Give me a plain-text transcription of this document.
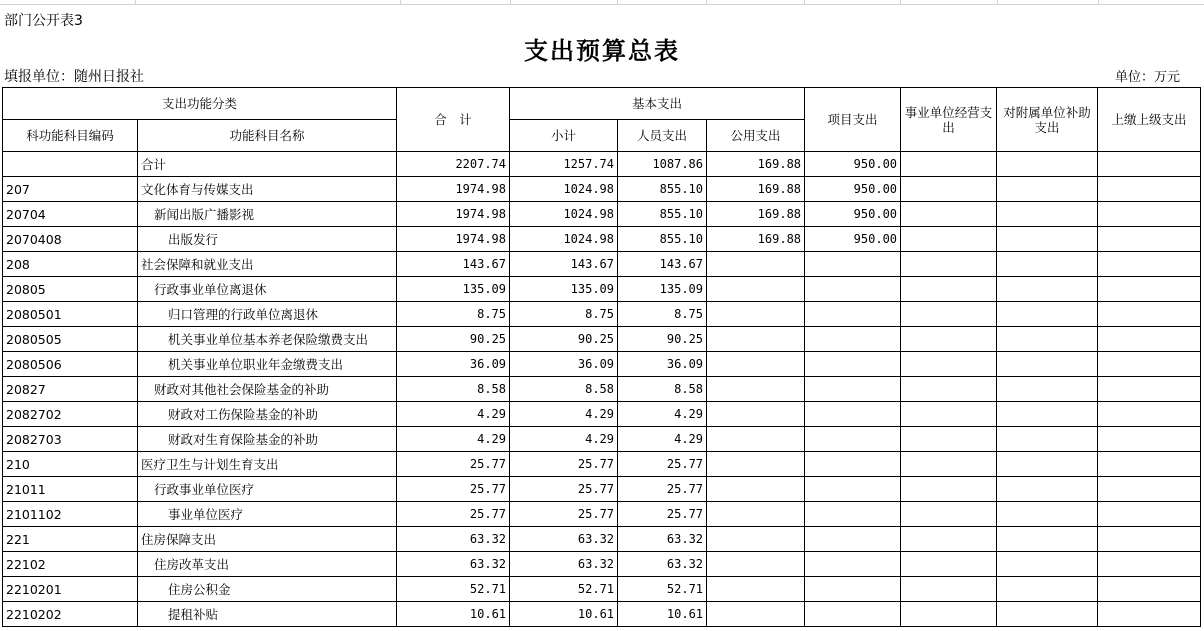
部门公开表3
支出预算总表
填报单位：随州日报社	单位：万元
支出功能分类		合　计	基本支出			项目支出	事业单位经营支出	对附属单位补助支出	上缴上级支出
科功能科目编码	功能科目名称		小计	人员支出	公用支出				
	合计	2207.74	1257.74	1087.86	169.88	950.00			
207	文化体育与传媒支出	1974.98	1024.98	855.10	169.88	950.00			
20704	新闻出版广播影视	1974.98	1024.98	855.10	169.88	950.00			
2070408	出版发行	1974.98	1024.98	855.10	169.88	950.00			
208	社会保障和就业支出	143.67	143.67	143.67					
20805	行政事业单位离退休	135.09	135.09	135.09					
2080501	归口管理的行政单位离退休	8.75	8.75	8.75					
2080505	机关事业单位基本养老保险缴费支出	90.25	90.25	90.25					
2080506	机关事业单位职业年金缴费支出	36.09	36.09	36.09					
20827	财政对其他社会保险基金的补助	8.58	8.58	8.58					
2082702	财政对工伤保险基金的补助	4.29	4.29	4.29					
2082703	财政对生育保险基金的补助	4.29	4.29	4.29					
210	医疗卫生与计划生育支出	25.77	25.77	25.77					
21011	行政事业单位医疗	25.77	25.77	25.77					
2101102	事业单位医疗	25.77	25.77	25.77					
221	住房保障支出	63.32	63.32	63.32					
22102	住房改革支出	63.32	63.32	63.32					
2210201	住房公积金	52.71	52.71	52.71					
2210202	提租补贴	10.61	10.61	10.61					
